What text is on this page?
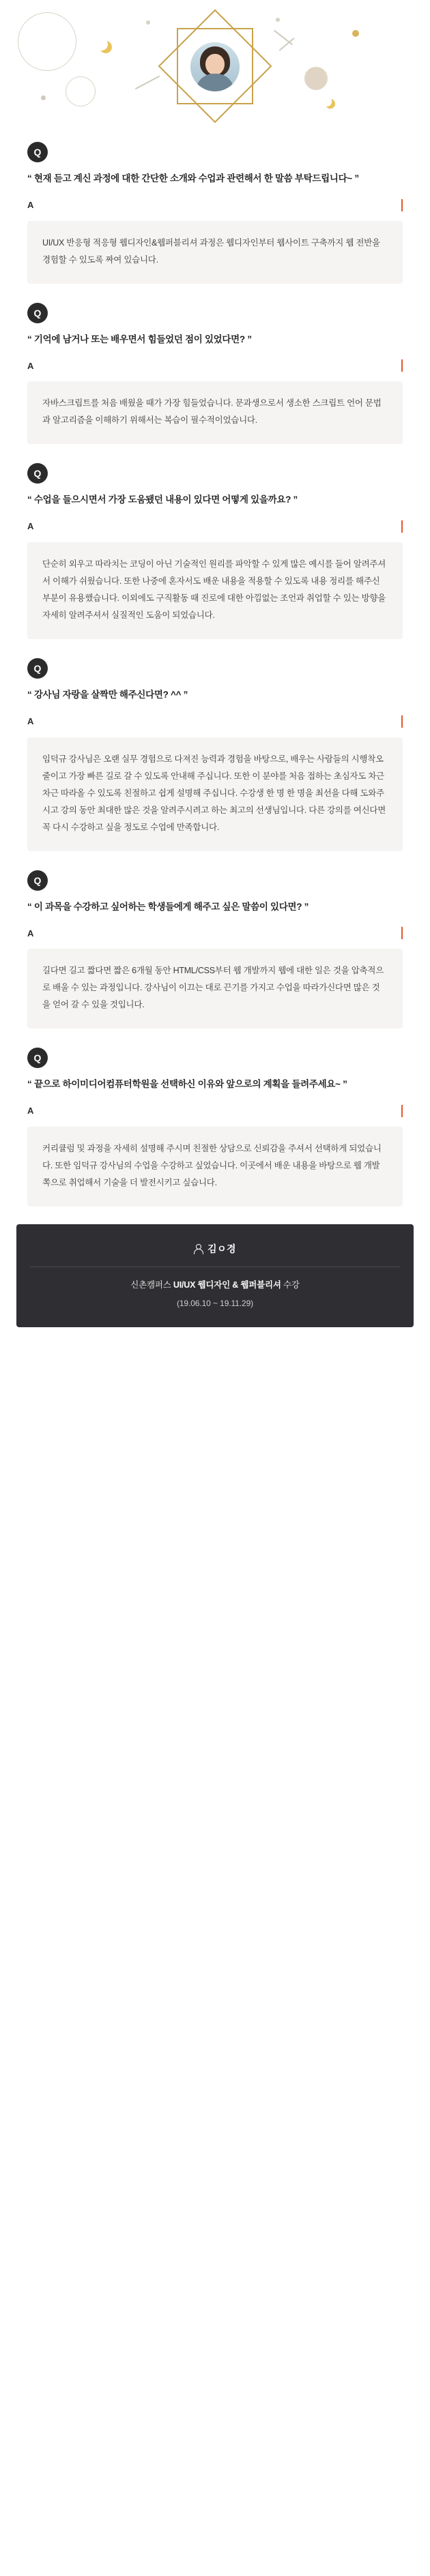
Q
“ 현재 듣고 계신 과정에 대한 간단한 소개와 수업과 관련해서 한 말씀 부탁드립니다~ ”
A
UI/UX 반응형 적응형 웹디자인&웹퍼블리셔 과정은 웹디자인부터 웹사이트 구축까지 웹 전반을 경험할 수 있도록 짜여 있습니다.
Q
“ 기억에 남거나 또는 배우면서 힘들었던 점이 있었다면? ”
A
자바스크립트를 처음 배웠을 때가 가장 힘들었습니다. 문과생으로서 생소한 스크립트 언어 문법과 알고리즘을 이해하기 위해서는 복습이 필수적이었습니다.
Q
“ 수업을 들으시면서 가장 도움됐던 내용이 있다면 어떻게 있을까요? ”
A
단순히 외우고 따라치는 코딩이 아닌 기술적인 원리를 파악할 수 있게 많은 예시를 들어 알려주셔서 이해가 쉬웠습니다. 또한 나중에 혼자서도 배운 내용을 적용할 수 있도록 내용 정리를 해주신 부분이 유용했습니다. 이외에도 구직활동 때 진로에 대한 아낌없는 조언과 취업할 수 있는 방향을 자세히 알려주셔서 실질적인 도움이 되었습니다.
Q
“ 강사님 자랑을 살짝만 해주신다면? ^^ ”
A
임덕규 강사님은 오랜 실무 경험으로 다져진 능력과 경험을 바탕으로, 배우는 사람들의 시행착오 줄이고 가장 빠른 길로 갈 수 있도록 안내해 주십니다. 또한 이 분야를 처음 접하는 초심자도 차근차근 따라올 수 있도록 친절하고 쉽게 설명해 주십니다. 수강생 한 명 한 명을 최선을 다해 도와주시고 강의 동안 최대한 많은 것을 알려주시려고 하는 최고의 선생님입니다. 다른 강의를 여신다면 꼭 다시 수강하고 싶을 정도로 수업에 만족합니다.
Q
“ 이 과목을 수강하고 싶어하는 학생들에게 해주고 싶은 말씀이 있다면? ”
A
길다면 길고 짧다면 짧은 6개월 동안 HTML/CSS부터 웹 개발까지 웹에 대한 일은 것을 압축적으로 배울 수 있는 과정입니다. 강사님이 이끄는 대로 끈기를 가지고 수업을 따라가신다면 많은 것을 얻어 갈 수 있을 것입니다.
Q
“ 끝으로 하이미디어컴퓨터학원을 선택하신 이유와 앞으로의 계획을 들려주세요~ ”
A
커리큘럼 및 과정을 자세히 설명해 주시며 친절한 상담으로 신뢰감을 주셔서 선택하게 되었습니다. 또한 임덕규 강사님의 수업을 수강하고 싶었습니다. 이곳에서 배운 내용을 바탕으로 웹 개발 쪽으로 취업해서 기술을 더 발전시키고 싶습니다.
김ㅇ경
신촌캠퍼스 UI/UX 웹디자인 & 웹퍼블리셔 수강
(19.06.10 ~ 19.11.29)
